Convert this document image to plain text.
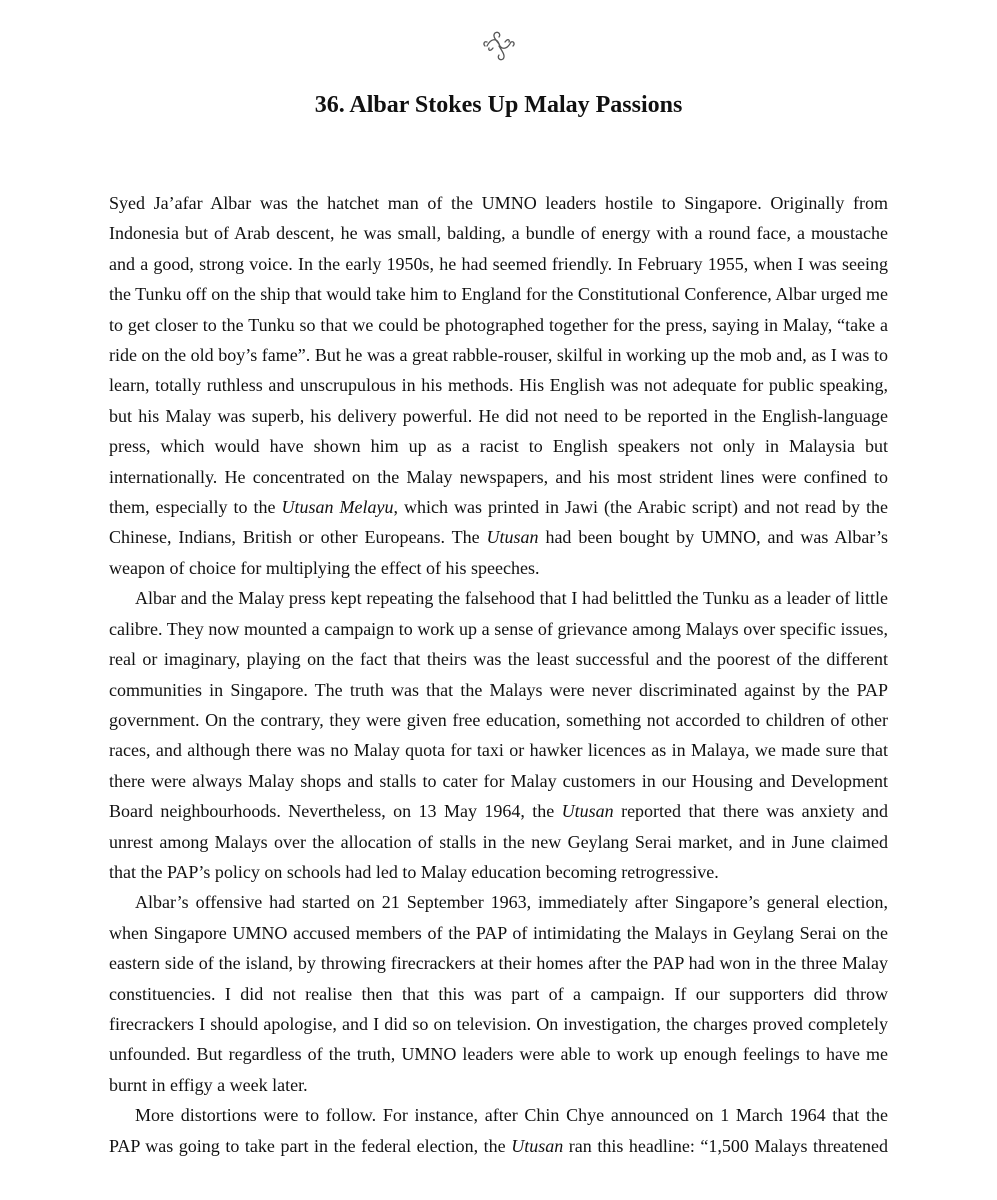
36. Albar Stokes Up Malay Passions

Syed Ja’afar Albar was the hatchet man of the UMNO leaders hostile to Singapore. Originally from Indonesia but of Arab descent, he was small, balding, a bundle of energy with a round face, a moustache and a good, strong voice. In the early 1950s, he had seemed friendly. In February 1955, when I was seeing the Tunku off on the ship that would take him to England for the Constitutional Conference, Albar urged me to get closer to the Tunku so that we could be photographed together for the press, saying in Malay, “take a ride on the old boy’s fame”. But he was a great rabble-rouser, skilful in working up the mob and, as I was to learn, totally ruthless and unscrupulous in his methods. His English was not adequate for public speaking, but his Malay was superb, his delivery powerful. He did not need to be reported in the English-language press, which would have shown him up as a racist to English speakers not only in Malaysia but internationally. He concentrated on the Malay newspapers, and his most strident lines were confined to them, especially to the Utusan Melayu, which was printed in Jawi (the Arabic script) and not read by the Chinese, Indians, British or other Europeans. The Utusan had been bought by UMNO, and was Albar’s weapon of choice for multiplying the effect of his speeches.

Albar and the Malay press kept repeating the falsehood that I had belittled the Tunku as a leader of little calibre. They now mounted a campaign to work up a sense of grievance among Malays over specific issues, real or imaginary, playing on the fact that theirs was the least successful and the poorest of the different communities in Singapore. The truth was that the Malays were never discriminated against by the PAP government. On the contrary, they were given free education, something not accorded to children of other races, and although there was no Malay quota for taxi or hawker licences as in Malaya, we made sure that there were always Malay shops and stalls to cater for Malay customers in our Housing and Development Board neighbourhoods. Nevertheless, on 13 May 1964, the Utusan reported that there was anxiety and unrest among Malays over the allocation of stalls in the new Geylang Serai market, and in June claimed that the PAP’s policy on schools had led to Malay education becoming retrogressive.

Albar’s offensive had started on 21 September 1963, immediately after Singapore’s general election, when Singapore UMNO accused members of the PAP of intimidating the Malays in Geylang Serai on the eastern side of the island, by throwing firecrackers at their homes after the PAP had won in the three Malay constituencies. I did not realise then that this was part of a campaign. If our supporters did throw firecrackers I should apologise, and I did so on television. On investigation, the charges proved completely unfounded. But regardless of the truth, UMNO leaders were able to work up enough feelings to have me burnt in effigy a week later.

More distortions were to follow. For instance, after Chin Chye announced on 1 March 1964 that the PAP was going to take part in the federal election, the Utusan ran this headline: “1,500 Malays threatened
